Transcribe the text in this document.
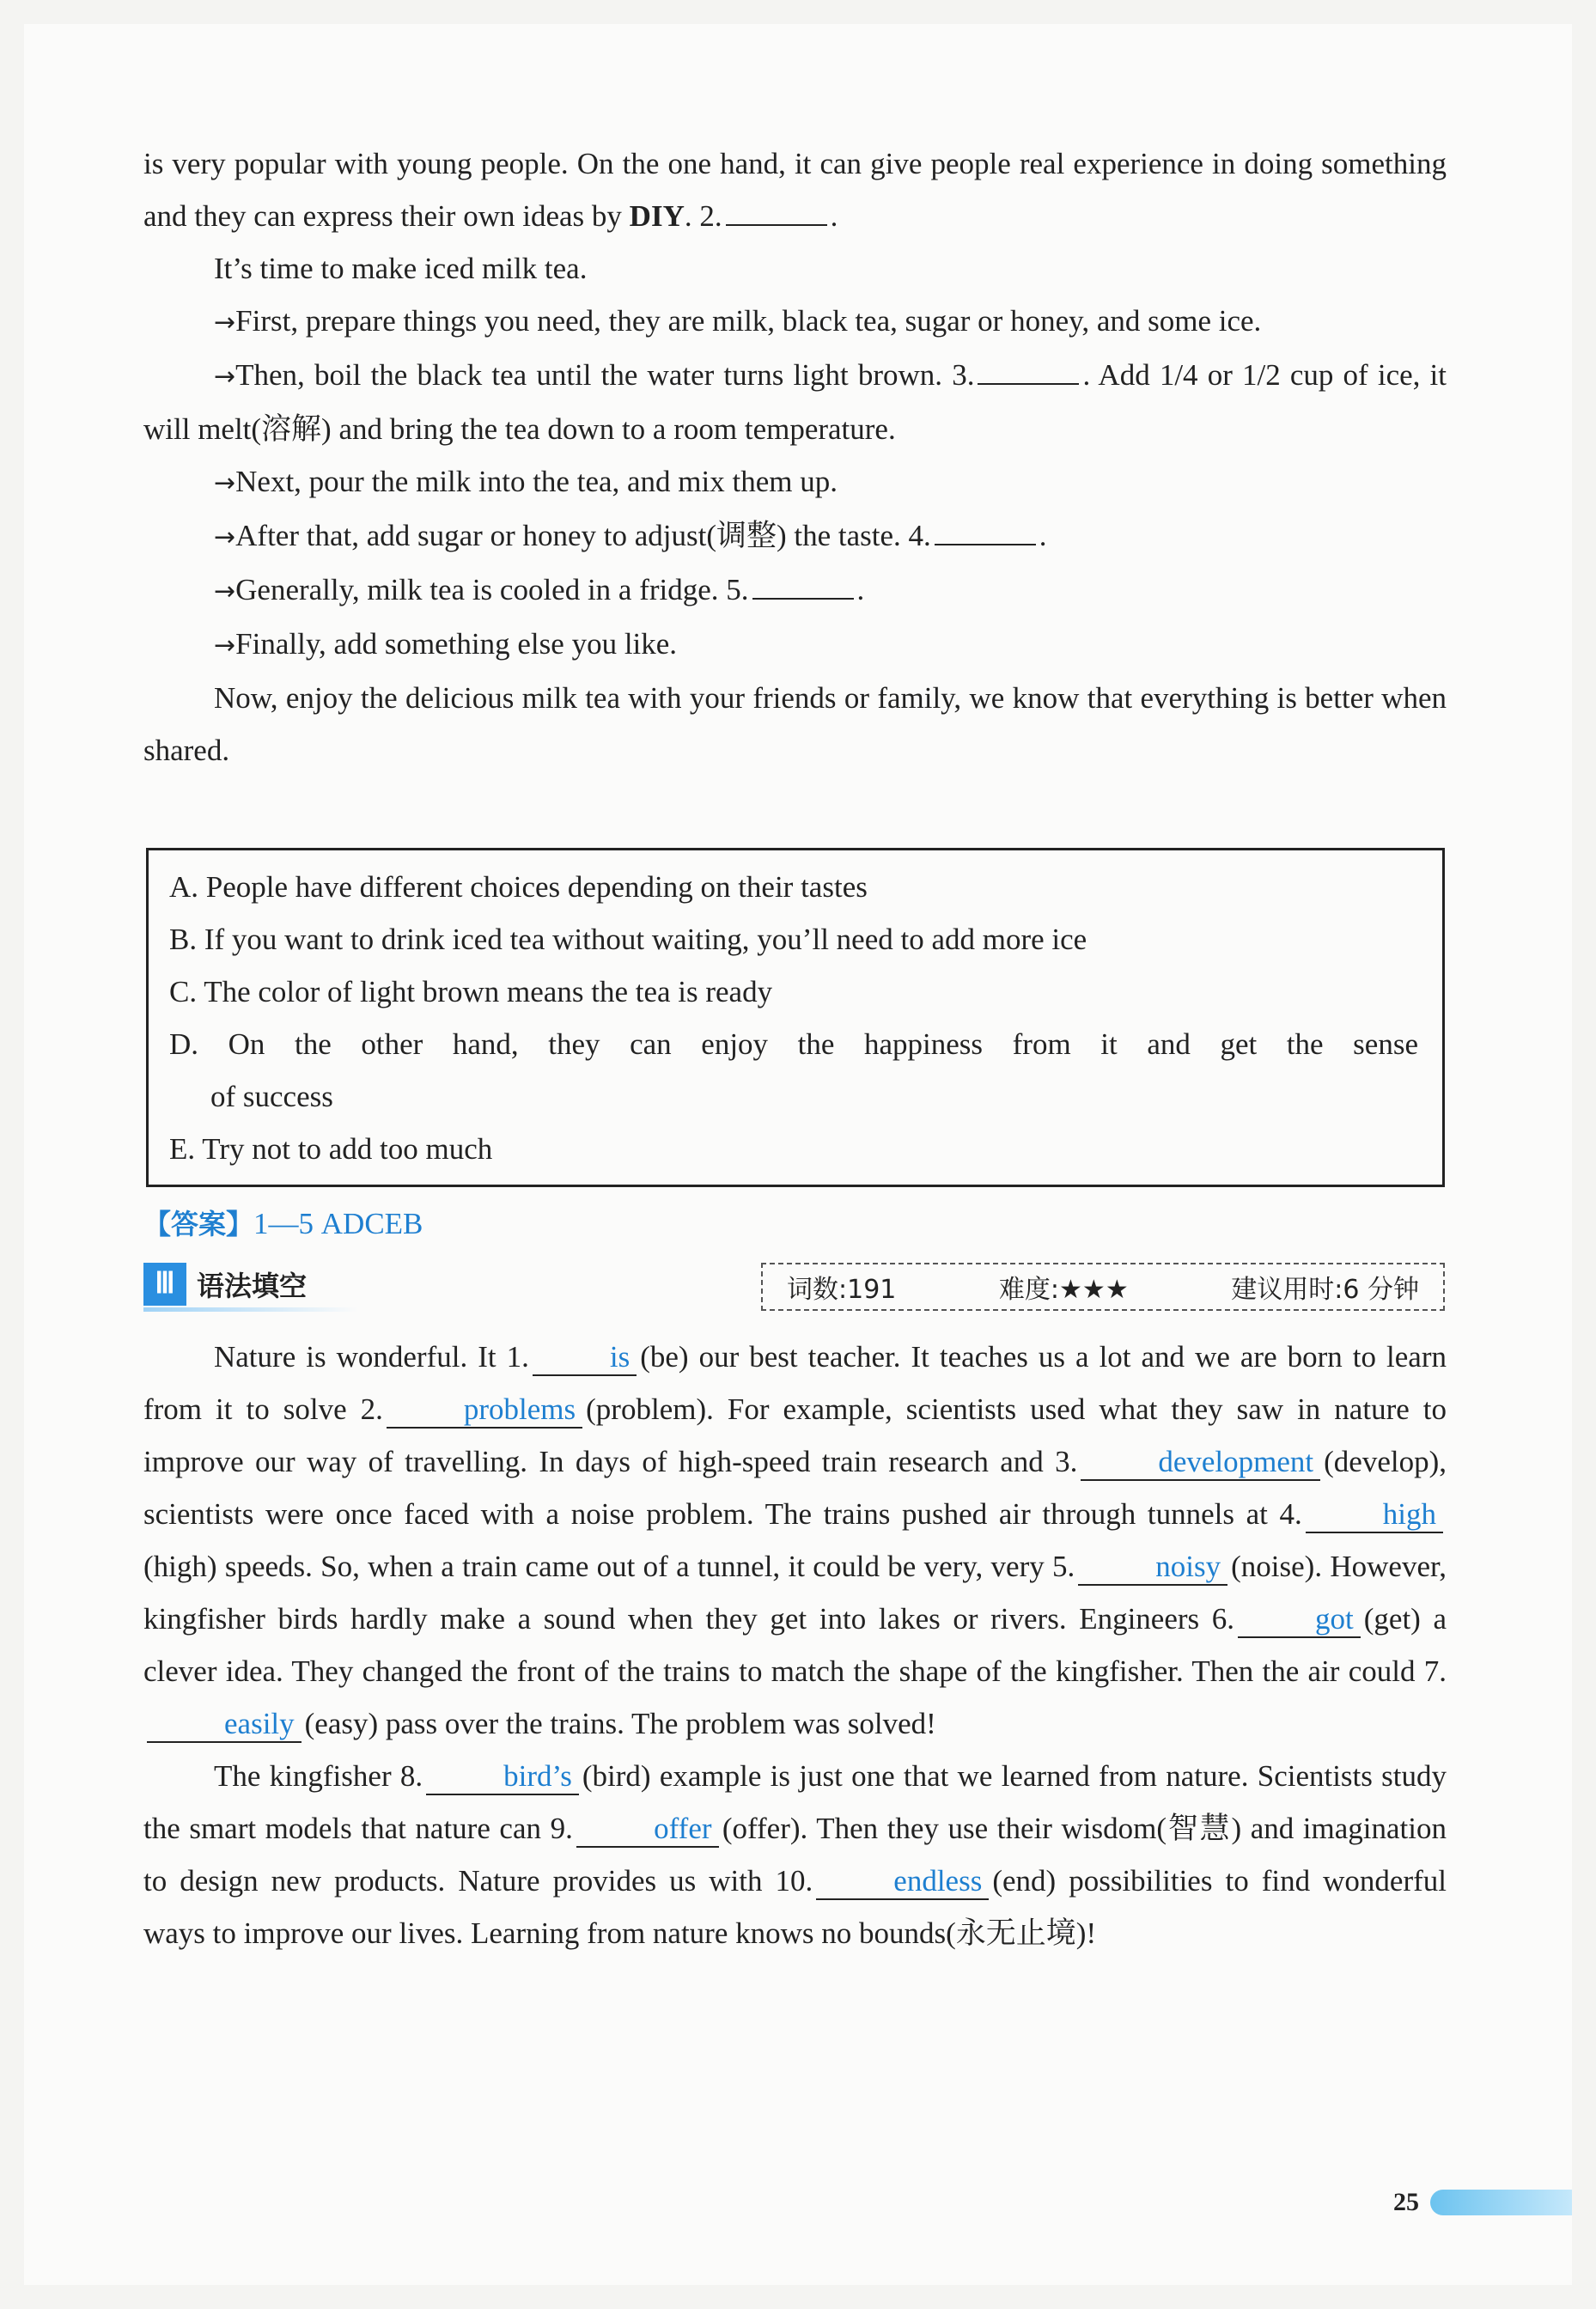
is very popular with young people. On the one hand, it can give people real experience in doing something and they can express their own ideas by DIY. 2.	.

It’s time to make iced milk tea.

→First, prepare things you need, they are milk, black tea, sugar or honey, and some ice.

→Then, boil the black tea until the water turns light brown. 3.	. Add 1/4 or 1/2 cup of ice, it will melt(溶解) and bring the tea down to a room temperature.

→Next, pour the milk into the tea, and mix them up.

→After that, add sugar or honey to adjust(调整) the taste. 4.	.

→Generally, milk tea is cooled in a fridge. 5.	.

→Finally, add something else you like.

Now, enjoy the delicious milk tea with your friends or family, we know that everything is better when shared.

A. People have different choices depending on their tastes
B. If you want to drink iced tea without waiting, you’ll need to add more ice
C. The color of light brown means the tea is ready
D. On the other hand, they can enjoy the happiness from it and get the sense
of success
E. Try not to add too much
【答案】1—5 ADCEB
Ⅲ 语法填空	词数:191	难度:★★★	建议用时:6 分钟

Nature is wonderful. It 1.	is (be) our best teacher. It teaches us a lot and we are born to learn from it to solve 2.	problems (problem). For example, scientists used what they saw in nature to improve our way of travelling. In days of high-speed train research and 3.	development (develop), scientists were once faced with a noise problem. The trains pushed air through tunnels at 4.	high(high) speeds. So, when a train came out of a tunnel, it could be very, very 5.	noisy (noise). However, kingfisher birds hardly make a sound when they get into lakes or rivers. Engineers 6.	got (get) a clever idea. They changed the front of the trains to match the shape of the kingfisher. Then the air could 7.easily (easy) pass over the trains. The problem was solved!

The kingfisher 8.	bird’s (bird) example is just one that we learned from nature. Scientists study the smart models that nature can 9.	offer (offer). Then they use their wisdom(智慧) and imagination to design new products. Nature provides us with 10.	endless (end) possibilities to find wonderful ways to improve our lives. Learning from nature knows no bounds(永无止境)!

25
